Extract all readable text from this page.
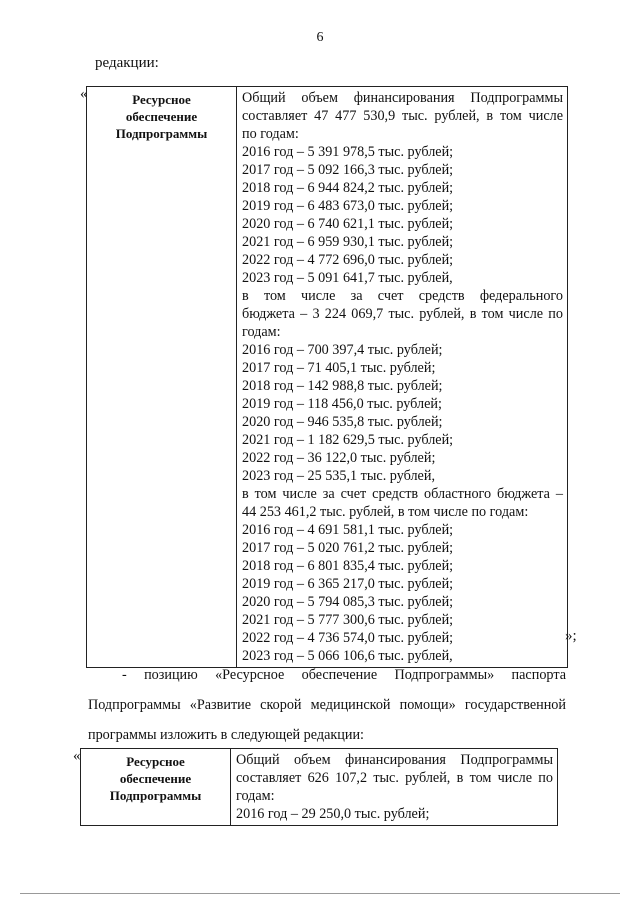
6
редакции:
«	Ресурсное
обеспечение
Подпрограммы

Общий объем финансирования Подпрограммы
составляет 47 477 530,9 тыс. рублей, в том числе
по годам:
2016 год – 5 391 978,5 тыс. рублей;
2017 год – 5 092 166,3 тыс. рублей;
2018 год – 6 944 824,2 тыс. рублей;
2019 год – 6 483 673,0 тыс. рублей;
2020 год – 6 740 621,1 тыс. рублей;
2021 год – 6 959 930,1 тыс. рублей;
2022 год – 4 772 696,0 тыс. рублей;
2023 год – 5 091 641,7 тыс. рублей,
в том числе за счет средств федерального
бюджета – 3 224 069,7 тыс. рублей, в том числе по
годам:
2016 год – 700 397,4 тыс. рублей;
2017 год – 71 405,1 тыс. рублей;
2018 год – 142 988,8 тыс. рублей;
2019 год – 118 456,0 тыс. рублей;
2020 год – 946 535,8 тыс. рублей;
2021 год – 1 182 629,5 тыс. рублей;
2022 год – 36 122,0 тыс. рублей;
2023 год – 25 535,1 тыс. рублей,
в том числе за счет средств областного бюджета –
44 253 461,2 тыс. рублей, в том числе по годам:
2016 год – 4 691 581,1 тыс. рублей;
2017 год – 5 020 761,2 тыс. рублей;
2018 год – 6 801 835,4 тыс. рублей;
2019 год – 6 365 217,0 тыс. рублей;
2020 год – 5 794 085,3 тыс. рублей;
2021 год – 5 777 300,6 тыс. рублей;
2022 год – 4 736 574,0 тыс. рублей;
2023 год – 5 066 106,6 тыс. рублей,
»;
- позицию «Ресурсное обеспечение Подпрограммы» паспорта
Подпрограммы «Развитие скорой медицинской помощи» государственной
программы изложить в следующей редакции:
«	Ресурсное
обеспечение
Подпрограммы

Общий объем финансирования Подпрограммы
составляет 626 107,2 тыс. рублей, в том числе по
годам:
2016 год – 29 250,0 тыс. рублей;
